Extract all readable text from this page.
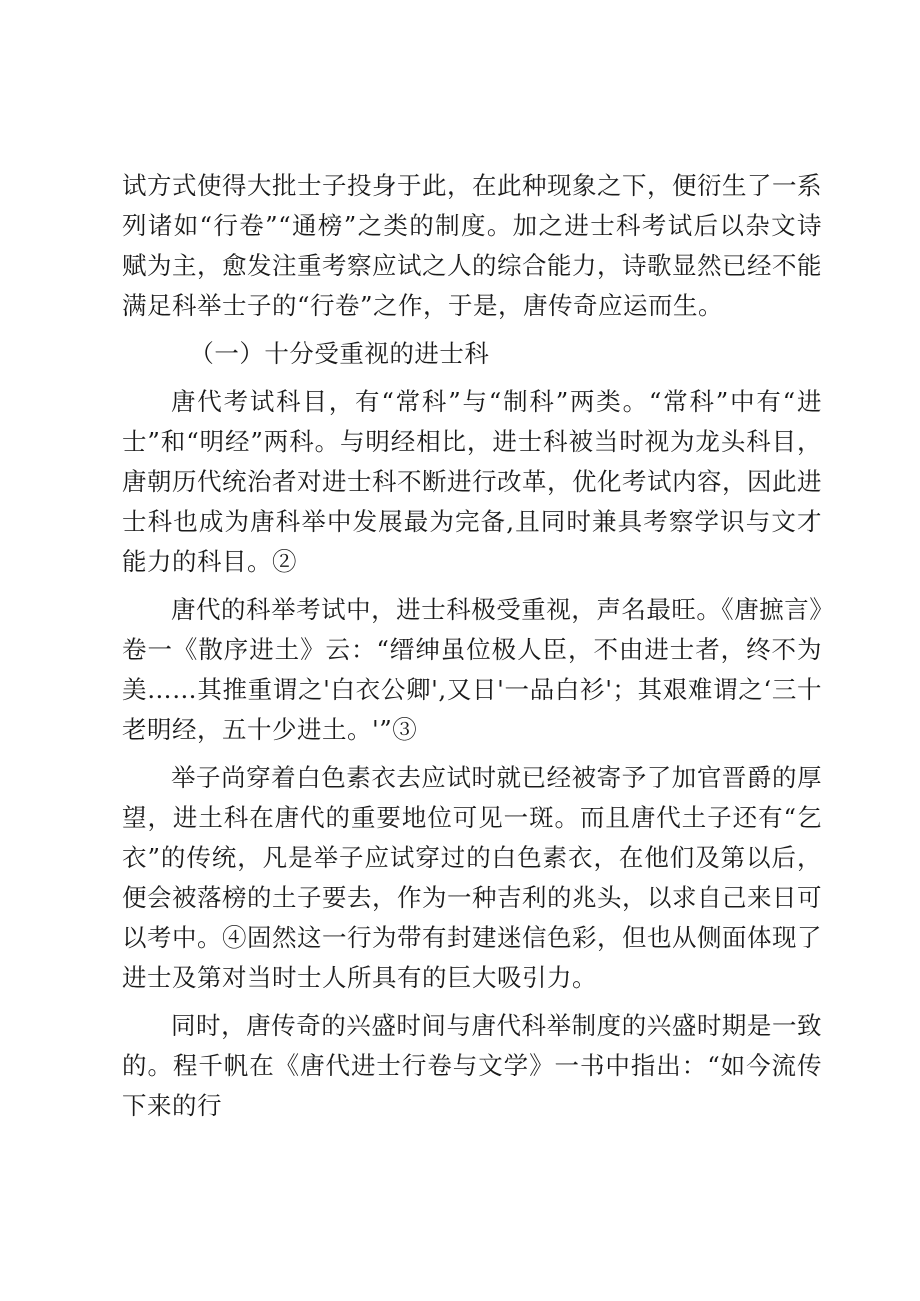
试方式使得大批士子投身于此，在此种现象之下，便衍生了一系列诸如“行卷”“通榜”之类的制度。加之进士科考试后以杂文诗赋为主，愈发注重考察应试之人的综合能力，诗歌显然已经不能满足科举士子的“行卷”之作，于是，唐传奇应运而生。

（一）十分受重视的进士科

唐代考试科目，有“常科”与“制科”两类。“常科”中有“进士”和“明经”两科。与明经相比，进士科被当时视为龙头科目，唐朝历代统治者对进士科不断进行改革，优化考试内容，因此进士科也成为唐科举中发展最为完备,且同时兼具考察学识与文才能力的科目。②

唐代的科举考试中，进士科极受重视，声名最旺。《唐摭言》卷一《散序进土》云：“缙绅虽位极人臣，不由进士者，终不为美……其推重谓之'白衣公卿',又日'一品白衫'；其艰难谓之‘三十老明经，五十少进土。'”③

举子尚穿着白色素衣去应试时就已经被寄予了加官晋爵的厚望，进土科在唐代的重要地位可见一斑。而且唐代土子还有“乞衣”的传统，凡是举子应试穿过的白色素衣，在他们及第以后，便会被落榜的土子要去，作为一种吉利的兆头，以求自己来日可以考中。④固然这一行为带有封建迷信色彩，但也从侧面体现了进士及第对当时士人所具有的巨大吸引力。

同时，唐传奇的兴盛时间与唐代科举制度的兴盛时期是一致的。程千帆在《唐代进士行卷与文学》一书中指出：“如今流传下来的行
